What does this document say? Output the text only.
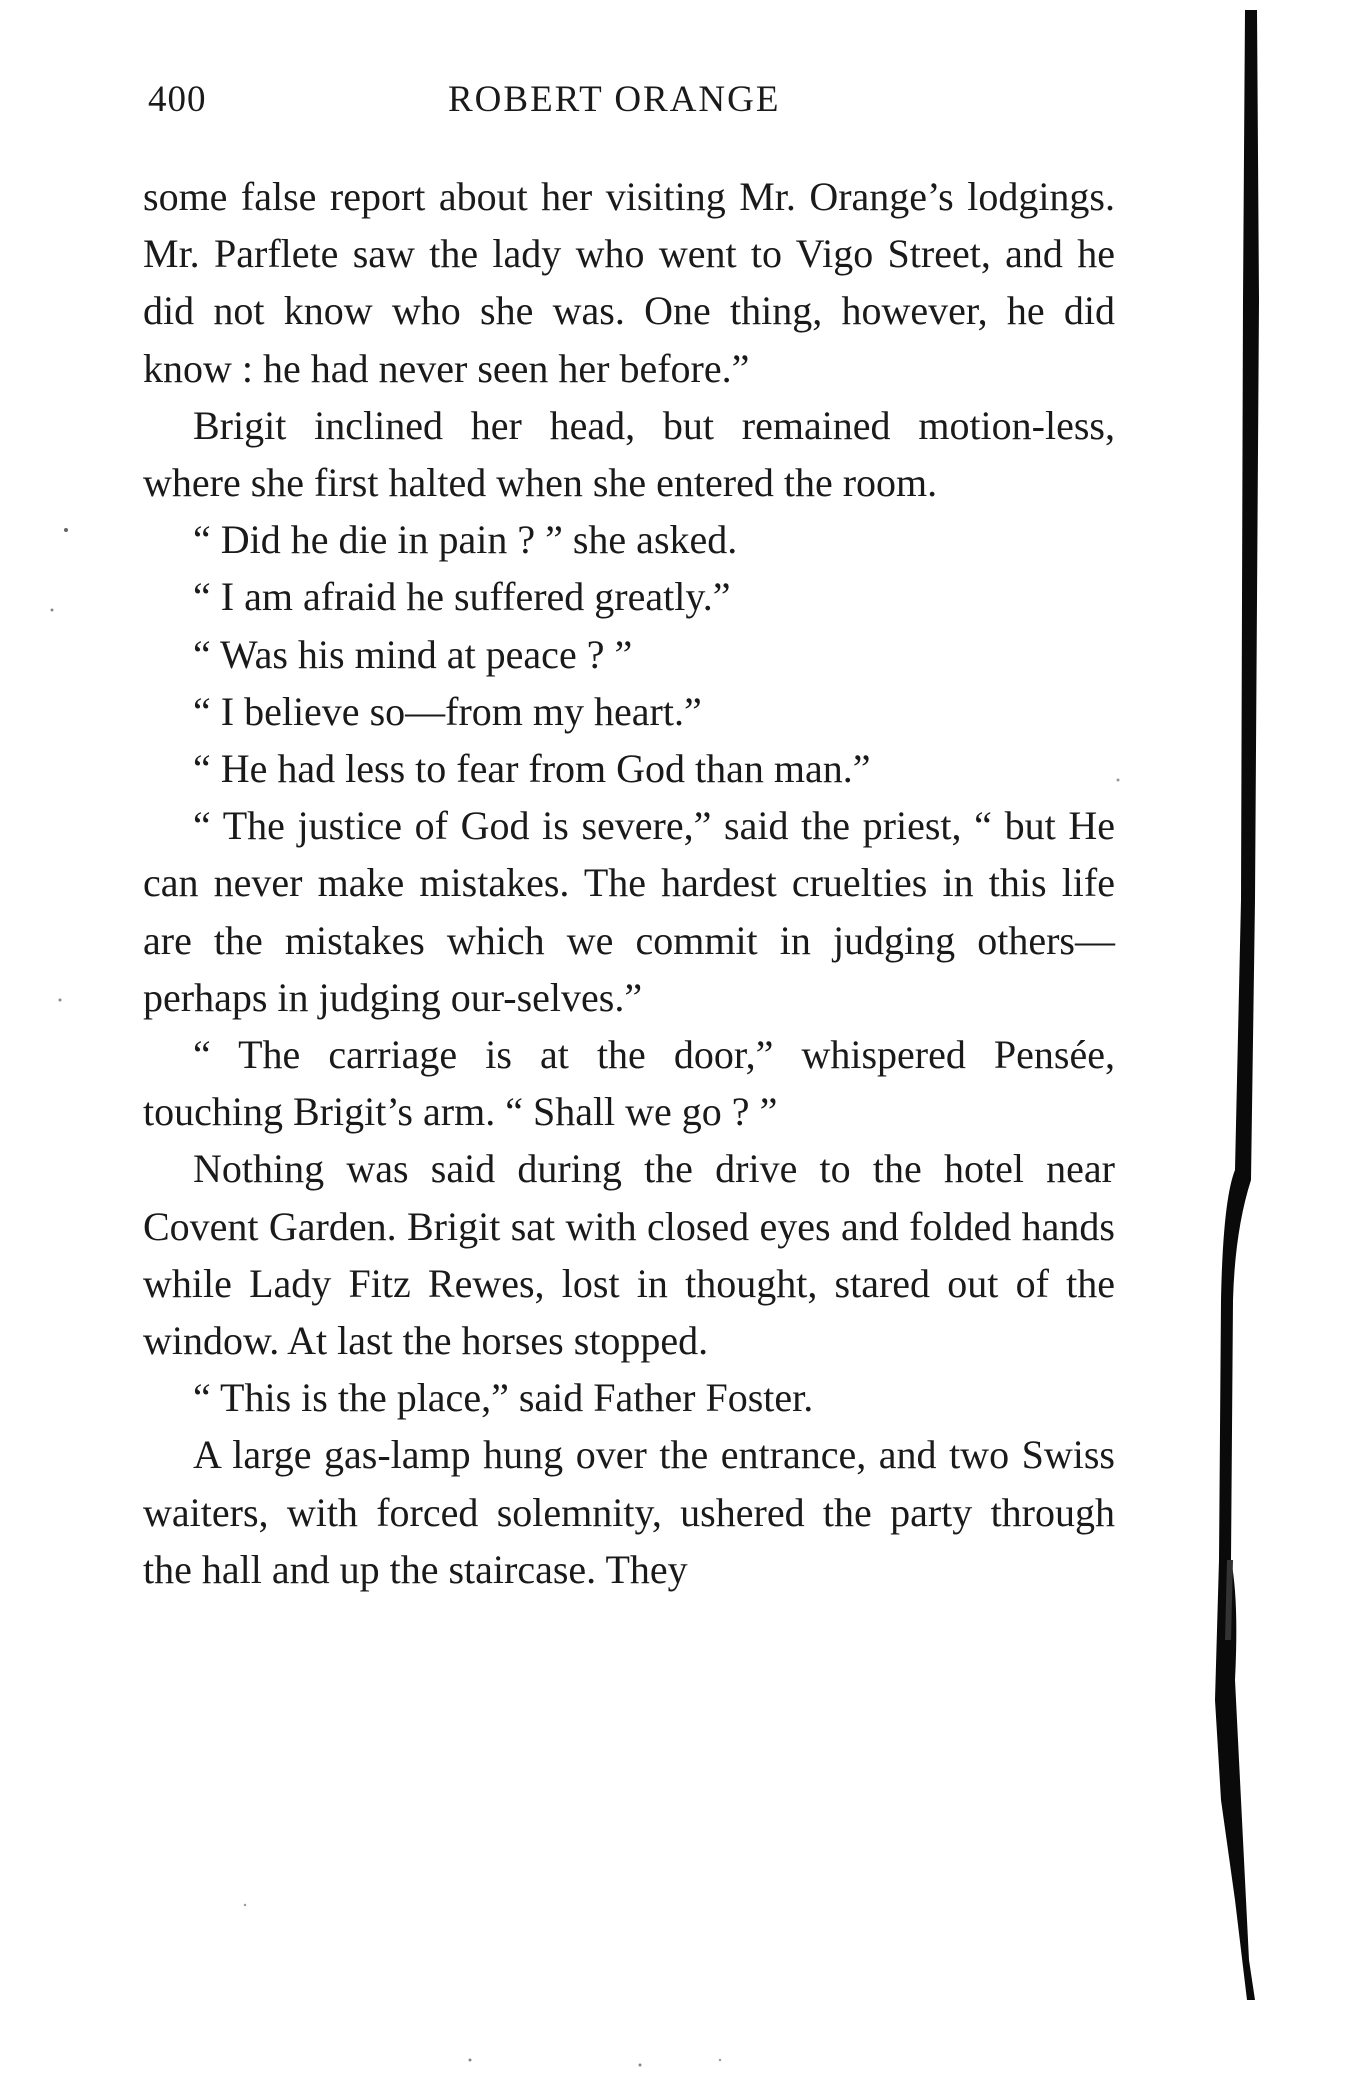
400	ROBERT ORANGE

some false report about her visiting Mr. Orange’s lodgings. Mr. Parflete saw the lady who went to Vigo Street, and he did not know who she was. One thing, however, he did know : he had never seen her before.”

Brigit inclined her head, but remained motion-less, where she first halted when she entered the room.

“ Did he die in pain ? ” she asked.

“ I am afraid he suffered greatly.”

“ Was his mind at peace ? ”

“ I believe so—from my heart.”

“ He had less to fear from God than man.”

“ The justice of God is severe,” said the priest, “ but He can never make mistakes. The hardest cruelties in this life are the mistakes which we commit in judging others—perhaps in judging our-selves.”

“ The carriage is at the door,” whispered Pensée, touching Brigit’s arm. “ Shall we go ? ”

Nothing was said during the drive to the hotel near Covent Garden. Brigit sat with closed eyes and folded hands while Lady Fitz Rewes, lost in thought, stared out of the window. At last the horses stopped.

“ This is the place,” said Father Foster.

A large gas-lamp hung over the entrance, and two Swiss waiters, with forced solemnity, ushered the party through the hall and up the staircase. They
